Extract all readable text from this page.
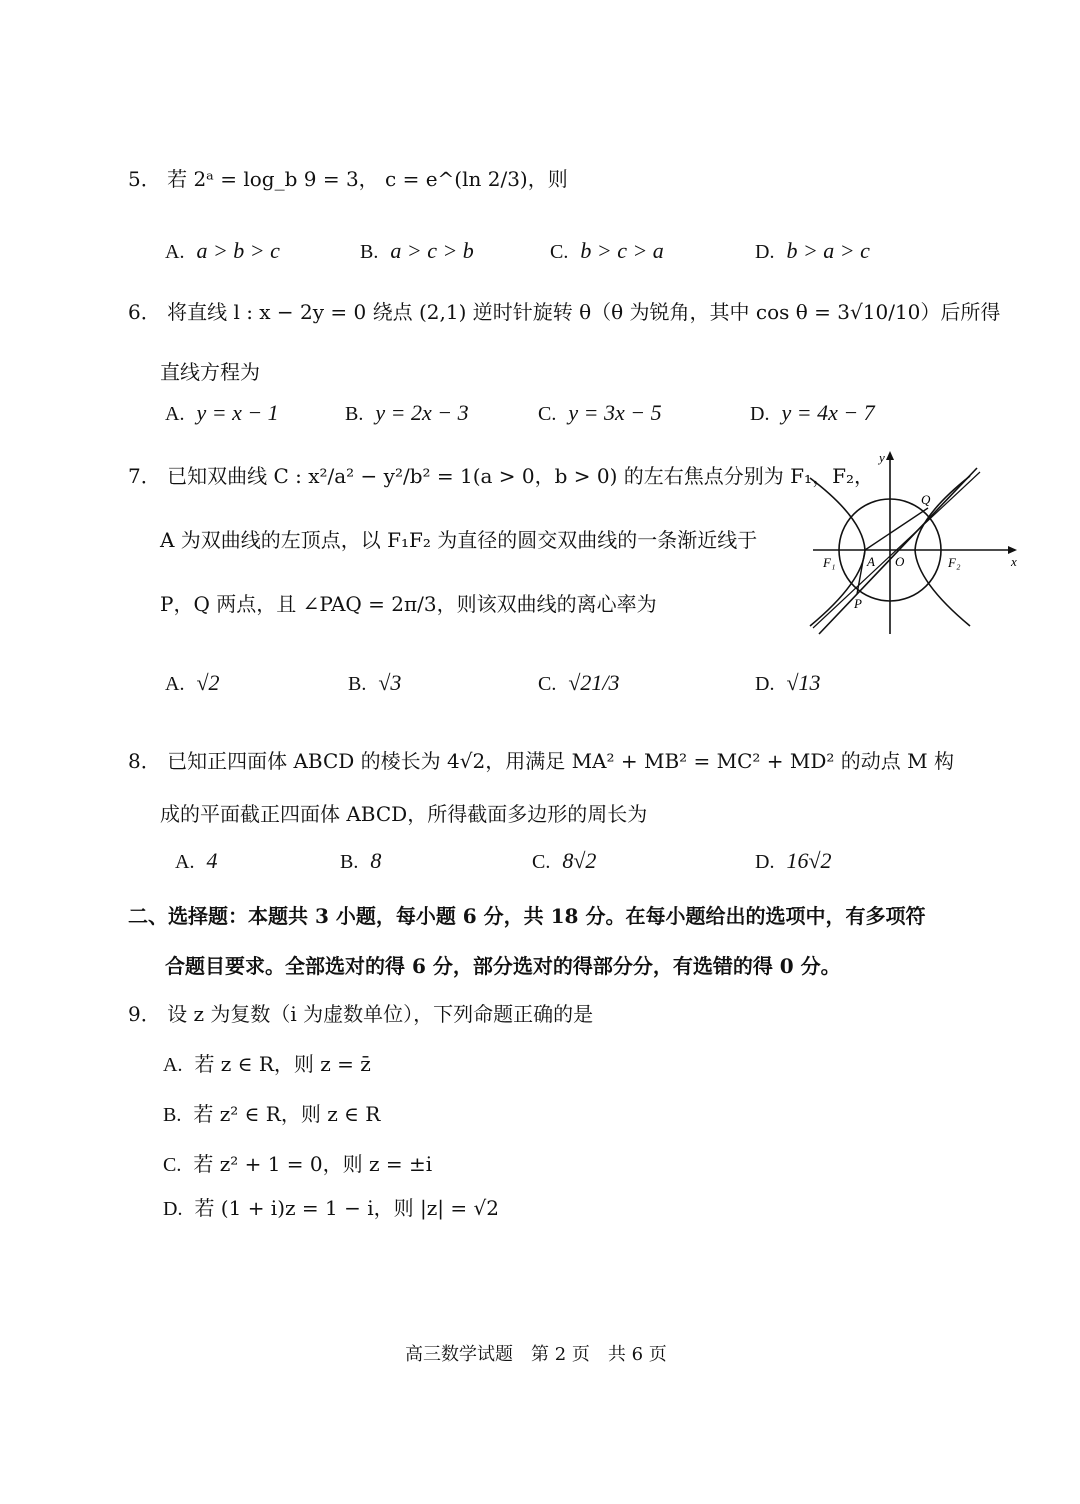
5． 若 2ᵃ = log_b 9 = 3， c = e^(ln 2/3)，则
A. a > b > c	B. a > c > b	C. b > c > a	D. b > a > c
6． 将直线 l : x − 2y = 0 绕点 (2,1) 逆时针旋转 θ（θ 为锐角，其中 cos θ = 3√10/10）后所得
直线方程为
A. y = x − 1	B. y = 2x − 3	C. y = 3x − 5	D. y = 4x − 7
7． 已知双曲线 C : x²/a² − y²/b² = 1(a > 0，b > 0) 的左右焦点分别为 F₁，F₂，
A 为双曲线的左顶点，以 F₁F₂ 为直径的圆交双曲线的一条渐近线于
P，Q 两点，且 ∠PAQ = 2π/3，则该双曲线的离心率为
x
y
O
A
P
Q
F₁	F₂
A. √2	B. √3	C. √21/3	D. √13
8． 已知正四面体 ABCD 的棱长为 4√2，用满足 MA² + MB² = MC² + MD² 的动点 M 构
成的平面截正四面体 ABCD，所得截面多边形的周长为
A. 4	B. 8	C. 8√2	D. 16√2
二、选择题：本题共 3 小题，每小题 6 分，共 18 分。在每小题给出的选项中，有多项符
合题目要求。全部选对的得 6 分，部分选对的得部分分，有选错的得 0 分。
9． 设 z 为复数（i 为虚数单位），下列命题正确的是
A. 若 z ∈ R，则 z = z̄
B. 若 z² ∈ R，则 z ∈ R
C. 若 z² + 1 = 0，则 z = ±i
D. 若 (1 + i)z = 1 − i，则 |z| = √2
高三数学试题　第 2 页　共 6 页
